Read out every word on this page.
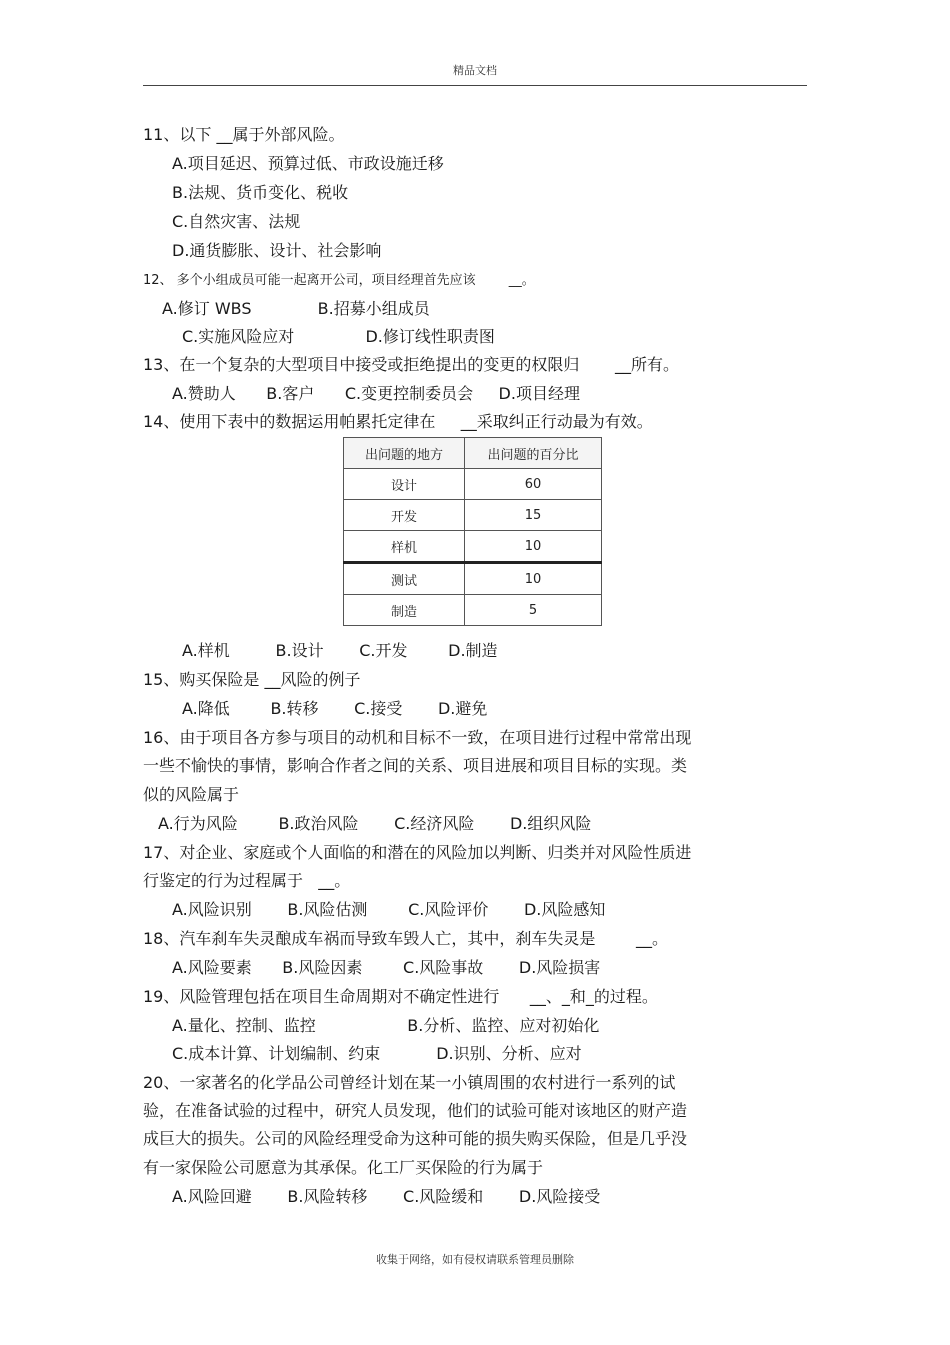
精品文档
11、以下 __属于外部风险。
A.项目延迟、预算过低、市政设施迁移
B.法规、货币变化、税收
C.自然灾害、法规
D.通货膨胀、设计、社会影响
12、 多个小组成员可能一起离开公司，项目经理首先应该        __。
A.修订 WBS             B.招募小组成员
C.实施风险应对              D.修订线性职责图
13、在一个复杂的大型项目中接受或拒绝提出的变更的权限归       __所有。
A.赞助人      B.客户      C.变更控制委员会     D.项目经理
14、使用下表中的数据运用帕累托定律在     __采取纠正行动最为有效。
出问题的地方	出问题的百分比
设计	60
开发	15
样机	10
测试	10
制造	5
A.样机         B.设计       C.开发        D.制造
15、购买保险是 __风险的例子
A.降低        B.转移       C.接受       D.避免
16、由于项目各方参与项目的动机和目标不一致，在项目进行过程中常常出现
一些不愉快的事情，影响合作者之间的关系、项目进展和项目目标的实现。类
似的风险属于
A.行为风险        B.政治风险       C.经济风险       D.组织风险
17、对企业、家庭或个人面临的和潜在的风险加以判断、归类并对风险性质进
行鉴定的行为过程属于   __。
A.风险识别       B.风险估测        C.风险评价       D.风险感知
18、汽车刹车失灵酿成车祸而导致车毁人亡，其中，刹车失灵是        __。
A.风险要素      B.风险因素        C.风险事故       D.风险损害
19、风险管理包括在项目生命周期对不确定性进行      __、_和_的过程。
A.量化、控制、监控                  B.分析、监控、应对初始化
C.成本计算、计划编制、约束           D.识别、分析、应对
20、一家著名的化学品公司曾经计划在某一小镇周围的农村进行一系列的试
验，在准备试验的过程中，研究人员发现，他们的试验可能对该地区的财产造
成巨大的损失。公司的风险经理受命为这种可能的损失购买保险，但是几乎没
有一家保险公司愿意为其承保。化工厂买保险的行为属于
A.风险回避       B.风险转移       C.风险缓和       D.风险接受
收集于网络，如有侵权请联系管理员删除
